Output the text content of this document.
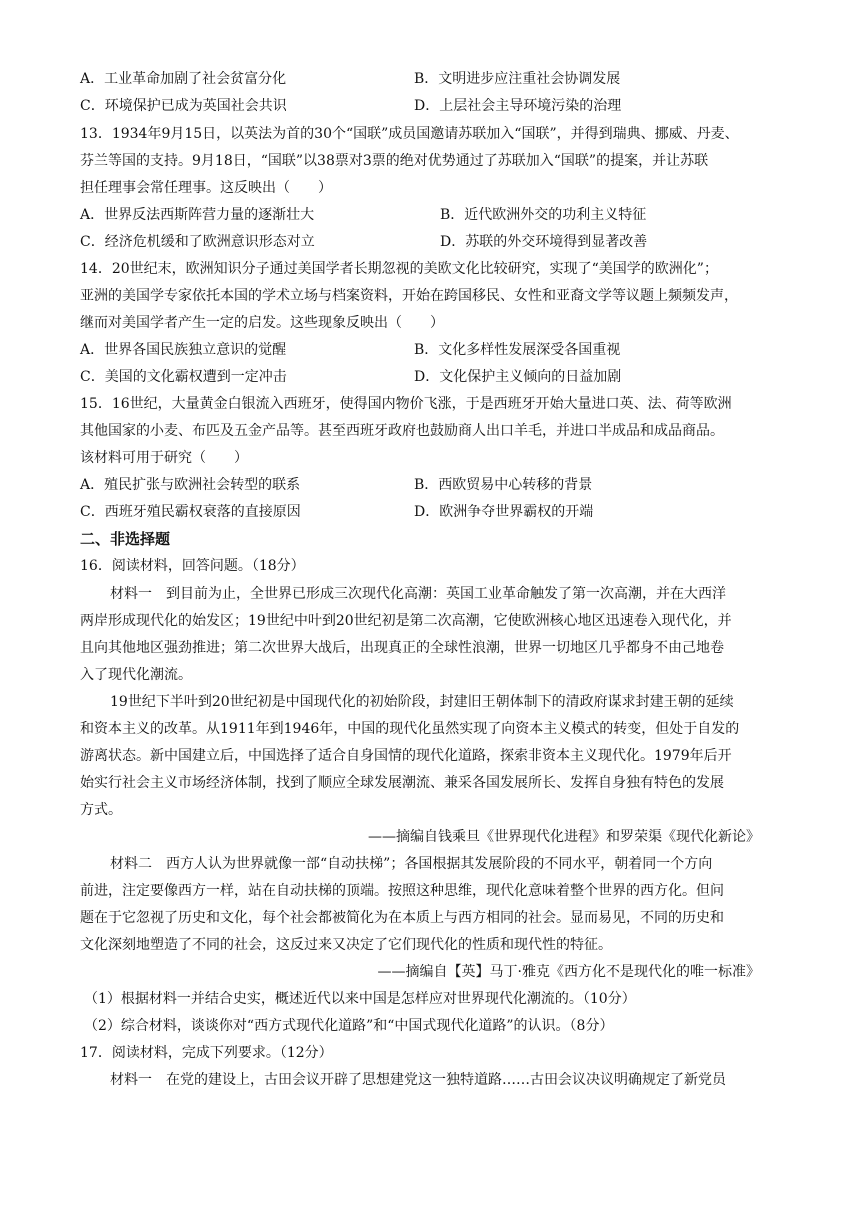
A．工业革命加剧了社会贫富分化	B．文明进步应注重社会协调发展
C．环境保护已成为英国社会共识	D．上层社会主导环境污染的治理
13．1934年9月15日，以英法为首的30个“国联”成员国邀请苏联加入“国联”，并得到瑞典、挪威、丹麦、
芬兰等国的支持。9月18日，“国联”以38票对3票的绝对优势通过了苏联加入“国联”的提案，并让苏联
担任理事会常任理事。这反映出（　　）
A．世界反法西斯阵营力量的逐渐壮大	B．近代欧洲外交的功利主义特征
C．经济危机缓和了欧洲意识形态对立	D．苏联的外交环境得到显著改善
14．20世纪末，欧洲知识分子通过美国学者长期忽视的美欧文化比较研究，实现了“美国学的欧洲化”；
亚洲的美国学专家依托本国的学术立场与档案资料，开始在跨国移民、女性和亚裔文学等议题上频频发声，
继而对美国学者产生一定的启发。这些现象反映出（　　）
A．世界各国民族独立意识的觉醒	B．文化多样性发展深受各国重视
C．美国的文化霸权遭到一定冲击	D．文化保护主义倾向的日益加剧
15．16世纪，大量黄金白银流入西班牙，使得国内物价飞涨，于是西班牙开始大量进口英、法、荷等欧洲
其他国家的小麦、布匹及五金产品等。甚至西班牙政府也鼓励商人出口羊毛，并进口半成品和成品商品。
该材料可用于研究（　　）
A．殖民扩张与欧洲社会转型的联系	B．西欧贸易中心转移的背景
C．西班牙殖民霸权衰落的直接原因	D．欧洲争夺世界霸权的开端
二、非选择题
16．阅读材料，回答问题。（18分）
材料一　到目前为止，全世界已形成三次现代化高潮：英国工业革命触发了第一次高潮，并在大西洋
两岸形成现代化的始发区；19世纪中叶到20世纪初是第二次高潮，它使欧洲核心地区迅速卷入现代化，并
且向其他地区强劲推进；第二次世界大战后，出现真正的全球性浪潮，世界一切地区几乎都身不由己地卷
入了现代化潮流。
19世纪下半叶到20世纪初是中国现代化的初始阶段，封建旧王朝体制下的清政府谋求封建王朝的延续
和资本主义的改革。从1911年到1946年，中国的现代化虽然实现了向资本主义模式的转变，但处于自发的
游离状态。新中国建立后，中国选择了适合自身国情的现代化道路，探索非资本主义现代化。1979年后开
始实行社会主义市场经济体制，找到了顺应全球发展潮流、兼采各国发展所长、发挥自身独有特色的发展
方式。
——摘编自钱乘旦《世界现代化进程》和罗荣渠《现代化新论》
材料二　西方人认为世界就像一部“自动扶梯”；各国根据其发展阶段的不同水平，朝着同一个方向
前进，注定要像西方一样，站在自动扶梯的顶端。按照这种思维，现代化意味着整个世界的西方化。但问
题在于它忽视了历史和文化，每个社会都被简化为在本质上与西方相同的社会。显而易见，不同的历史和
文化深刻地塑造了不同的社会，这反过来又决定了它们现代化的性质和现代性的特征。
——摘编自【英】马丁·雅克《西方化不是现代化的唯一标准》
（1）根据材料一并结合史实，概述近代以来中国是怎样应对世界现代化潮流的。（10分）
（2）综合材料，谈谈你对“西方式现代化道路”和“中国式现代化道路”的认识。（8分）
17．阅读材料，完成下列要求。（12分）
材料一　在党的建设上，古田会议开辟了思想建党这一独特道路……古田会议决议明确规定了新党员
